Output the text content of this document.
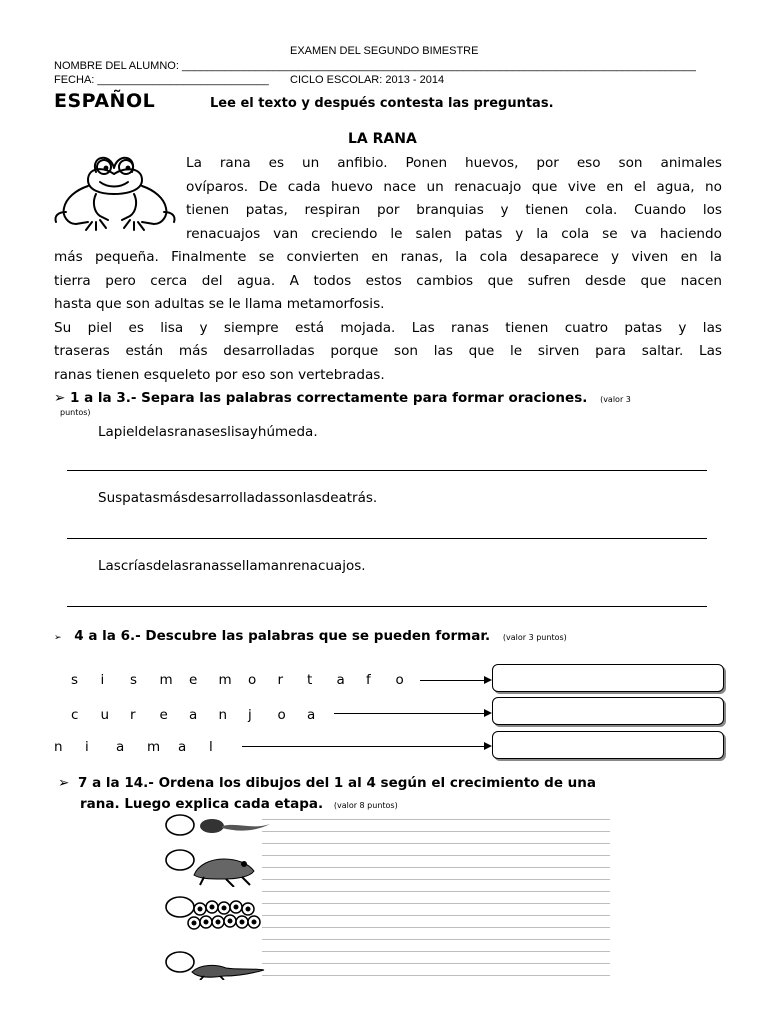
EXAMEN DEL SEGUNDO BIMESTRE
NOMBRE DEL ALUMNO: ____________________________________________________________________________________
FECHA: ____________________________ CICLO ESCOLAR: 2013 - 2014
ESPAÑOL	Lee el texto y después contesta las preguntas.
LA RANA
La rana es un anfibio. Ponen huevos, por eso son animales
ovíparos. De cada huevo nace un renacuajo que vive en el agua, no
tienen patas, respiran por branquias y tienen cola. Cuando los
renacuajos van creciendo le salen patas y la cola se va haciendo
más pequeña. Finalmente se convierten en ranas, la cola desaparece y viven en la
tierra pero cerca del agua. A todos estos cambios que sufren desde que nacen
hasta que son adultas se le llama metamorfosis.
Su piel es lisa y siempre está mojada. Las ranas tienen cuatro patas y las
traseras están más desarrolladas porque son las que le sirven para saltar. Las
ranas tienen esqueleto por eso son vertebradas.
➢ 1 a la 3.- Separa las palabras correctamente para formar oraciones. (valor 3
puntos)
Lapieldelasranaseslisayhúmeda.
Suspatasmásdesarrolladassonlasdeatrás.
Lascríasdelasranassellamanrenacuajos.
➢ 4 a la 6.- Descubre las palabras que se pueden formar. (valor 3 puntos)
s i s m e m o r t a f o
c u r e a n j o a
n i a m a l
➢ 7 a la 14.- Ordena los dibujos del 1 al 4 según el crecimiento de una
rana. Luego explica cada etapa. (valor 8 puntos)
